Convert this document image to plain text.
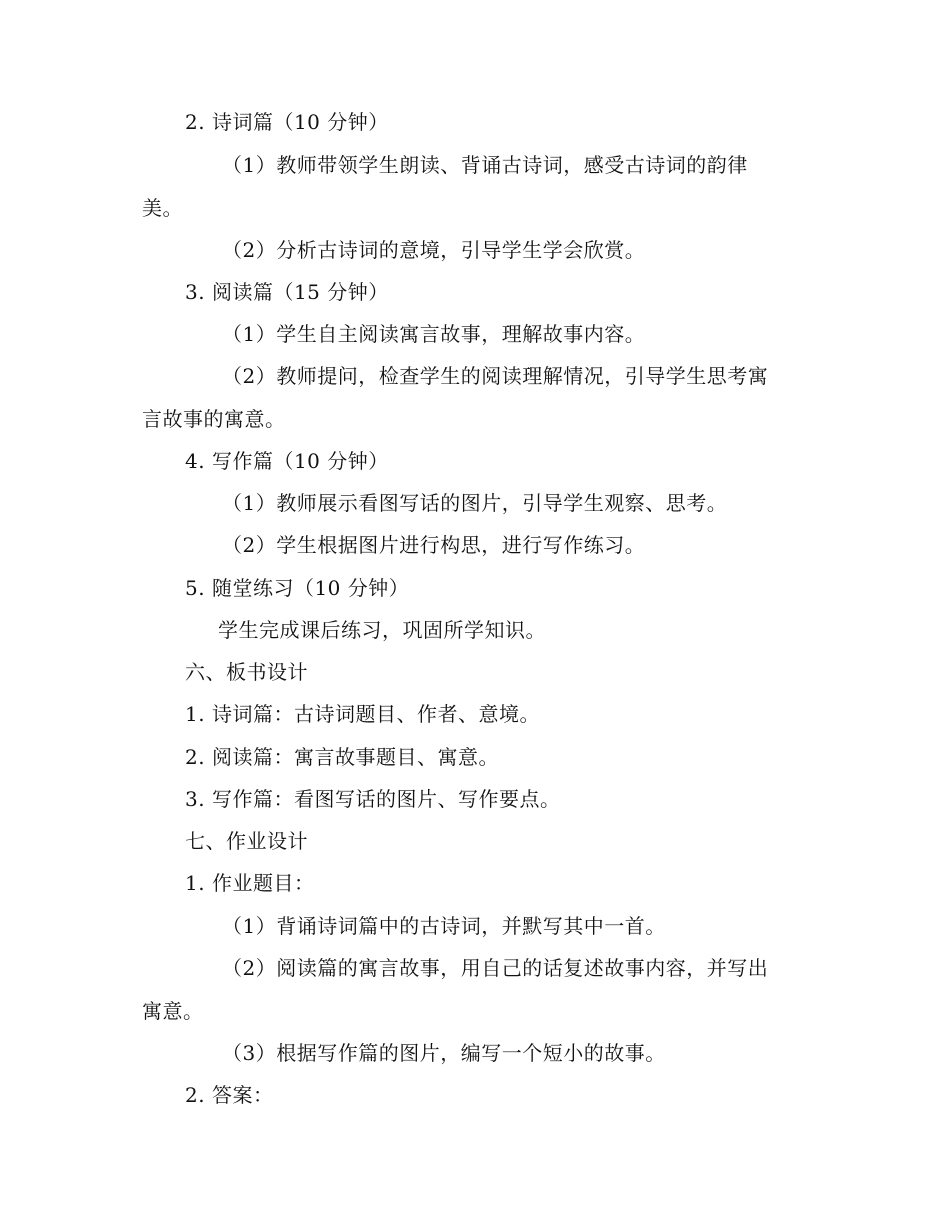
2. 诗词篇（10 分钟）
（1）教师带领学生朗读、背诵古诗词，感受古诗词的韵律
美。
（2）分析古诗词的意境，引导学生学会欣赏。
3. 阅读篇（15 分钟）
（1）学生自主阅读寓言故事，理解故事内容。
（2）教师提问，检查学生的阅读理解情况，引导学生思考寓
言故事的寓意。
4. 写作篇（10 分钟）
（1）教师展示看图写话的图片，引导学生观察、思考。
（2）学生根据图片进行构思，进行写作练习。
5. 随堂练习（10 分钟）
学生完成课后练习，巩固所学知识。
六、板书设计
1. 诗词篇：古诗词题目、作者、意境。
2. 阅读篇：寓言故事题目、寓意。
3. 写作篇：看图写话的图片、写作要点。
七、作业设计
1. 作业题目：
（1）背诵诗词篇中的古诗词，并默写其中一首。
（2）阅读篇的寓言故事，用自己的话复述故事内容，并写出
寓意。
（3）根据写作篇的图片，编写一个短小的故事。
2. 答案：
